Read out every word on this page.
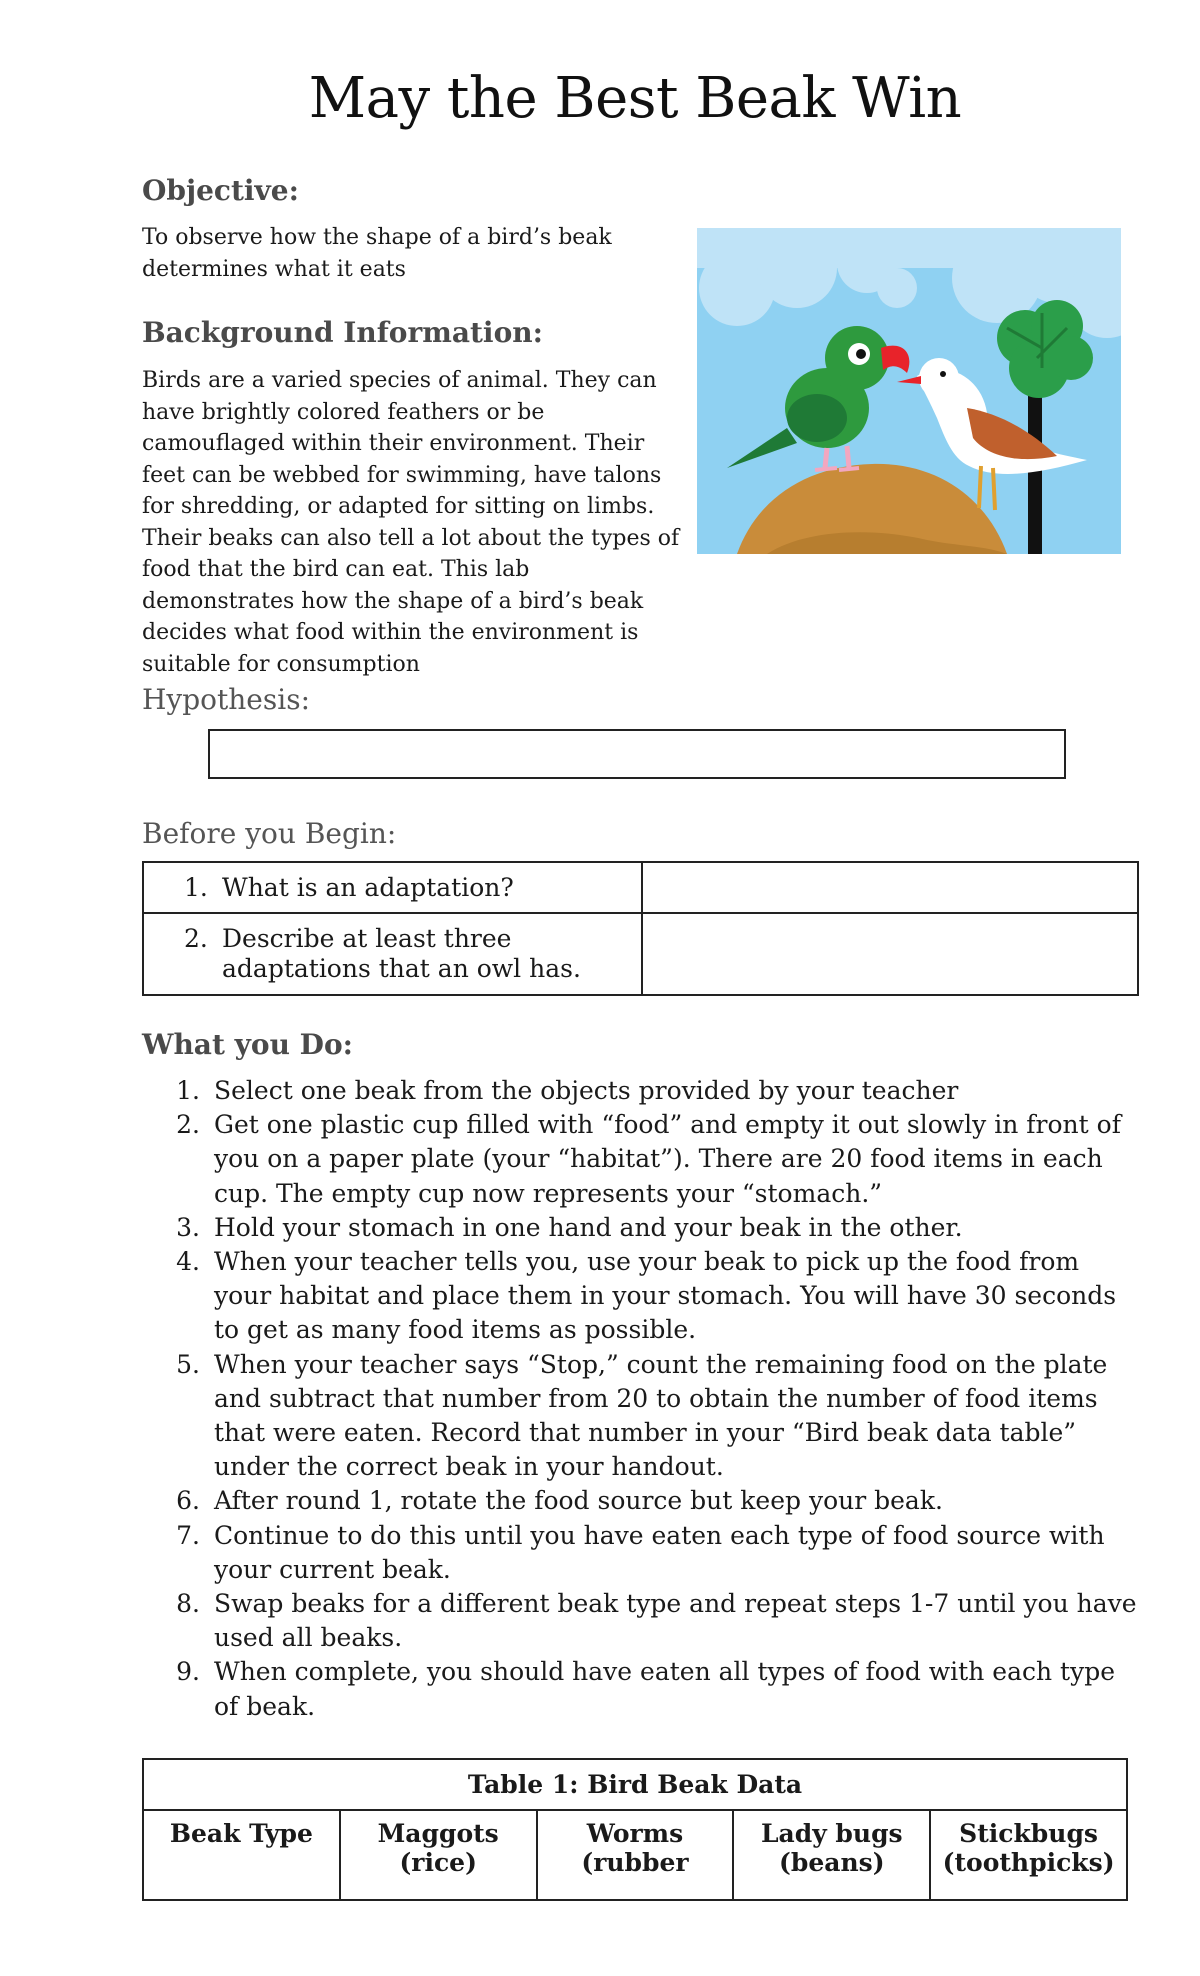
May the Best Beak Win
Objective:
To observe how the shape of a bird’s beak determines what it eats
Background Information:
Birds are a varied species of animal. They can have brightly colored feathers or be camouflaged within their environment. Their feet can be webbed for swimming, have talons for shredding, or adapted for sitting on limbs. Their beaks can also tell a lot about the types of food that the bird can eat. This lab demonstrates how the shape of a bird’s beak decides what food within the environment is suitable for consumption
Hypothesis:
Before you Begin:
1. What is an adaptation?	

2. Describe at least three adaptations that an owl has.	

What you Do:
1. Select one beak from the objects provided by your teacher
2. Get one plastic cup filled with “food” and empty it out slowly in front of you on a paper plate (your “habitat”). There are 20 food items in each cup. The empty cup now represents your “stomach.”
3. Hold your stomach in one hand and your beak in the other.
4. When your teacher tells you, use your beak to pick up the food from your habitat and place them in your stomach. You will have 30 seconds to get as many food items as possible.
5. When your teacher says “Stop,” count the remaining food on the plate and subtract that number from 20 to obtain the number of food items that were eaten. Record that number in your “Bird beak data table” under the correct beak in your handout.
6. After round 1, rotate the food source but keep your beak.
7. Continue to do this until you have eaten each type of food source with your current beak.
8. Swap beaks for a different beak type and repeat steps 1-7 until you have used all beaks.
9. When complete, you should have eaten all types of food with each type of beak.
Table 1: Bird Beak Data
Beak Type	Maggots (rice)	Worms (rubber	Lady bugs (beans)	Stickbugs (toothpicks)
